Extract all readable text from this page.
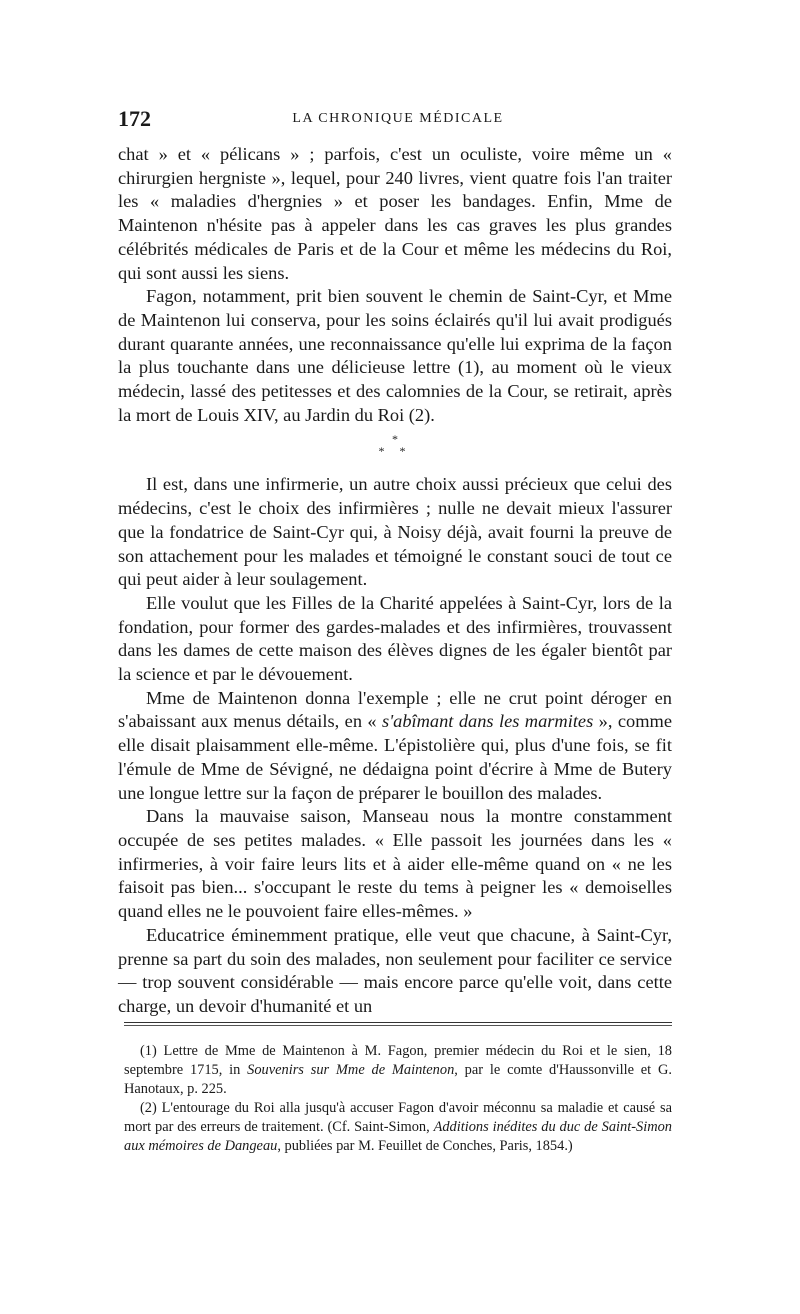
172	LA CHRONIQUE MÉDICALE

chat » et « pélicans » ; parfois, c'est un oculiste, voire même un « chirurgien hergniste », lequel, pour 240 livres, vient quatre fois l'an traiter les « maladies d'hergnies » et poser les bandages. Enfin, Mme de Maintenon n'hésite pas à appeler dans les cas graves les plus grandes célébrités médicales de Paris et de la Cour et même les médecins du Roi, qui sont aussi les siens.

Fagon, notamment, prit bien souvent le chemin de Saint-Cyr, et Mme de Maintenon lui conserva, pour les soins éclairés qu'il lui avait prodigués durant quarante années, une reconnaissance qu'elle lui exprima de la façon la plus touchante dans une délicieuse lettre (1), au moment où le vieux médecin, lassé des petitesses et des calomnies de la Cour, se retirait, après la mort de Louis XIV, au Jardin du Roi (2).

*
* *

Il est, dans une infirmerie, un autre choix aussi précieux que celui des médecins, c'est le choix des infirmières ; nulle ne devait mieux l'assurer que la fondatrice de Saint-Cyr qui, à Noisy déjà, avait fourni la preuve de son attachement pour les malades et témoigné le constant souci de tout ce qui peut aider à leur soulagement.

Elle voulut que les Filles de la Charité appelées à Saint-Cyr, lors de la fondation, pour former des gardes-malades et des infirmières, trouvassent dans les dames de cette maison des élèves dignes de les égaler bientôt par la science et par le dévouement.

Mme de Maintenon donna l'exemple ; elle ne crut point déroger en s'abaissant aux menus détails, en « s'abîmant dans les marmites », comme elle disait plaisamment elle-même. L'épistolière qui, plus d'une fois, se fit l'émule de Mme de Sévigné, ne dédaigna point d'écrire à Mme de Butery une longue lettre sur la façon de préparer le bouillon des malades.

Dans la mauvaise saison, Manseau nous la montre constamment occupée de ses petites malades. « Elle passoit les journées dans les « infirmeries, à voir faire leurs lits et à aider elle-même quand on « ne les faisoit pas bien... s'occupant le reste du tems à peigner les « demoiselles quand elles ne le pouvoient faire elles-mêmes. »

Educatrice éminemment pratique, elle veut que chacune, à Saint-Cyr, prenne sa part du soin des malades, non seulement pour faciliter ce service — trop souvent considérable — mais encore parce qu'elle voit, dans cette charge, un devoir d'humanité et un

(1) Lettre de Mme de Maintenon à M. Fagon, premier médecin du Roi et le sien, 18 septembre 1715, in Souvenirs sur Mme de Maintenon, par le comte d'Haussonville et G. Hanotaux, p. 225.

(2) L'entourage du Roi alla jusqu'à accuser Fagon d'avoir méconnu sa maladie et causé sa mort par des erreurs de traitement. (Cf. Saint-Simon, Additions inédites du duc de Saint-Simon aux mémoires de Dangeau, publiées par M. Feuillet de Conches, Paris, 1854.)
